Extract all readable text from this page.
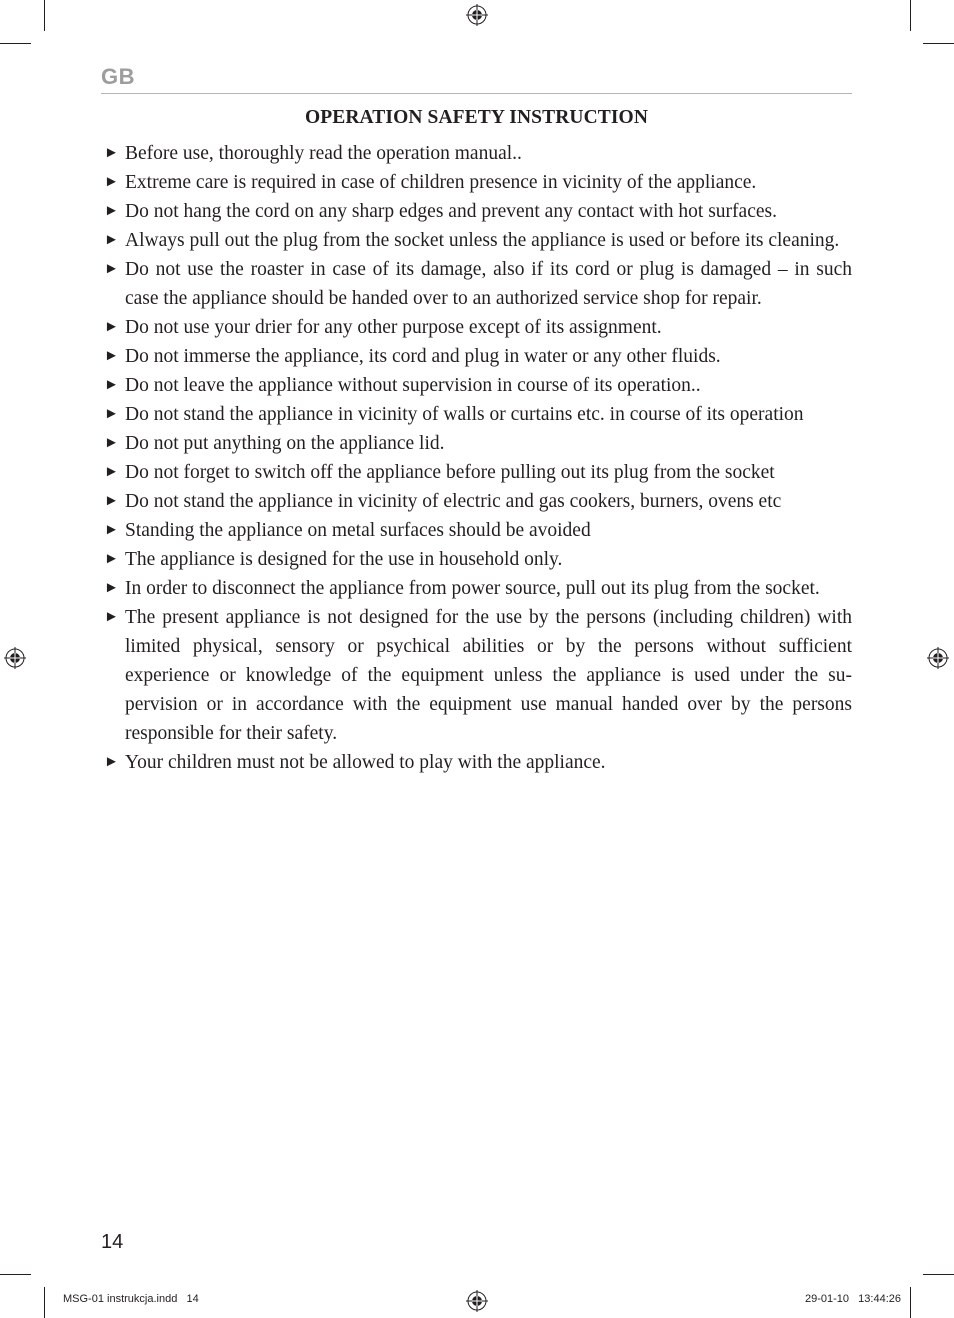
GB
OPERATION SAFETY INSTRUCTION
► Before use, thoroughly read the operation manual..
► Extreme care is required in case of children presence in vicinity of the appliance.
► Do not hang the cord on any sharp edges and prevent any contact with hot surfaces.
► Always pull out the plug from the socket unless the appliance is used or before its cleaning.
► Do not use the roaster in case of its damage, also if its cord or plug is damaged – in such case the appliance should be handed over to an authorized service shop for repair.
► Do not use your drier for any other purpose except of its assignment.
► Do not immerse the appliance, its cord and plug in water or any other fluids.
► Do not leave the appliance without supervision in course of its operation..
► Do not stand the appliance in vicinity of walls or curtains etc. in course of its operation
► Do not put anything on the appliance lid.
► Do not forget to switch off the appliance before pulling out its plug from the socket
► Do not stand the appliance in vicinity of electric and gas cookers, burners, ovens etc
► Standing the appliance on metal surfaces should be avoided
► The appliance is designed for the use in household only.
► In order to disconnect the appliance from power source, pull out its plug from the socket.
► The present appliance is not designed for the use by the persons (including children) with limited physical, sensory or psychical abilities or by the persons without sufficient experience or knowledge of the equipment unless the appliance is used under the su-pervision or in accordance with the equipment use manual handed over by the persons responsible for their safety.
► Your children must not be allowed to play with the appliance.
14
MSG-01 instrukcja.indd   14	29-01-10   13:44:26
